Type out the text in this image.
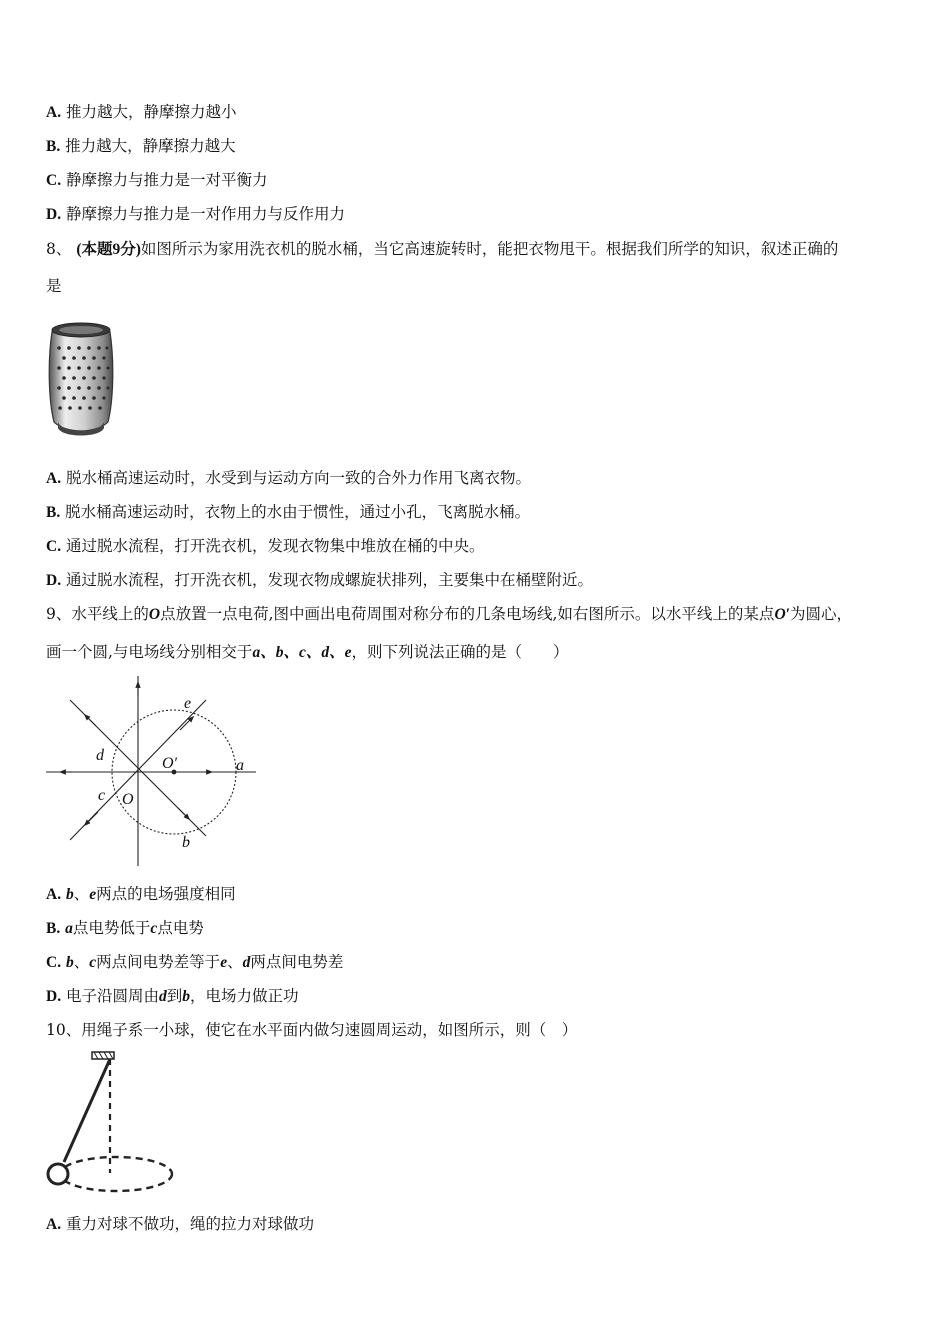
A. 推力越大，静摩擦力越小
B. 推力越大，静摩擦力越大
C. 静摩擦力与推力是一对平衡力
D. 静摩擦力与推力是一对作用力与反作用力
8、 (本题9分)如图所示为家用洗衣机的脱水桶，当它高速旋转时，能把衣物甩干。根据我们所学的知识，叙述正确的
是
A. 脱水桶高速运动时，水受到与运动方向一致的合外力作用飞离衣物。
B. 脱水桶高速运动时，衣物上的水由于惯性，通过小孔，飞离脱水桶。
C. 通过脱水流程，打开洗衣机，发现衣物集中堆放在桶的中央。
D. 通过脱水流程，打开洗衣机，发现衣物成螺旋状排列，主要集中在桶壁附近。
9、水平线上的O点放置一点电荷,图中画出电荷周围对称分布的几条电场线,如右图所示。以水平线上的某点O′为圆心，
画一个圆,与电场线分别相交于a、b、c、d、e，则下列说法正确的是（　　）
a
b
c
d
e
O
O′
A. b、e两点的电场强度相同
B. a点电势低于c点电势
C. b、c两点间电势差等于e、d两点间电势差
D. 电子沿圆周由d到b，电场力做正功
10、用绳子系一小球，使它在水平面内做匀速圆周运动，如图所示，则（　）
A. 重力对球不做功，绳的拉力对球做功
